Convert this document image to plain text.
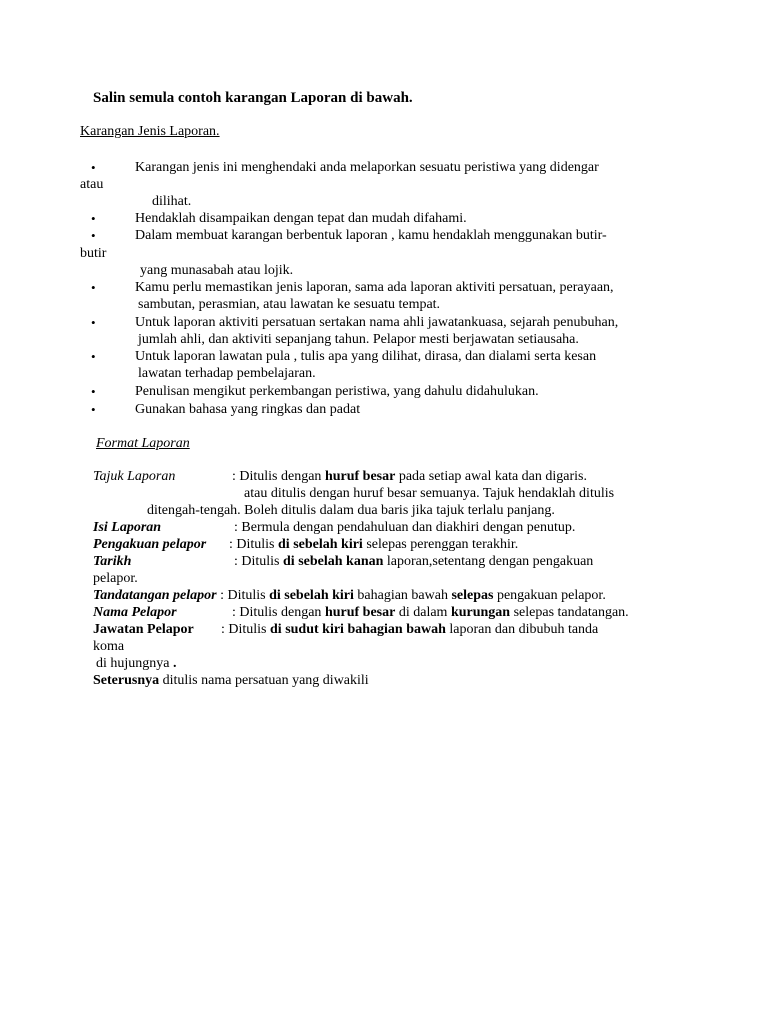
Salin semula contoh karangan Laporan di bawah.
Karangan Jenis Laporan.
•	Karangan jenis ini menghendaki anda melaporkan sesuatu peristiwa yang didengar
atau
dilihat.
•	Hendaklah disampaikan dengan tepat dan mudah difahami.
•	Dalam membuat karangan berbentuk laporan , kamu hendaklah menggunakan butir-
butir
yang munasabah atau lojik.
•	Kamu perlu memastikan jenis laporan, sama ada laporan aktiviti persatuan, perayaan,
sambutan, perasmian, atau lawatan ke sesuatu tempat.
•	Untuk laporan aktiviti persatuan sertakan nama ahli jawatankuasa, sejarah penubuhan,
jumlah ahli, dan aktiviti sepanjang tahun. Pelapor mesti berjawatan setiausaha.
•	Untuk laporan lawatan pula , tulis apa yang dilihat, dirasa, dan dialami serta kesan
lawatan terhadap pembelajaran.
•	Penulisan mengikut perkembangan peristiwa, yang dahulu didahulukan.
•	Gunakan bahasa yang ringkas dan padat
Format Laporan
Tajuk Laporan	: Ditulis dengan huruf besar pada setiap awal kata dan digaris.
atau ditulis dengan huruf besar semuanya. Tajuk hendaklah ditulis
ditengah-tengah. Boleh ditulis dalam dua baris jika tajuk terlalu panjang.
Isi Laporan	: Bermula dengan pendahuluan dan diakhiri dengan penutup.
Pengakuan pelapor : Ditulis di sebelah kiri selepas perenggan terakhir.
Tarikh	: Ditulis di sebelah kanan laporan,setentang dengan pengakuan
pelapor.
Tandatangan pelapor : Ditulis di sebelah kiri bahagian bawah selepas pengakuan pelapor.
Nama Pelapor	: Ditulis dengan huruf besar di dalam kurungan selepas tandatangan.
Jawatan Pelapor : Ditulis di sudut kiri bahagian bawah laporan dan dibubuh tanda
koma
di hujungnya .
Seterusnya ditulis nama persatuan yang diwakili
